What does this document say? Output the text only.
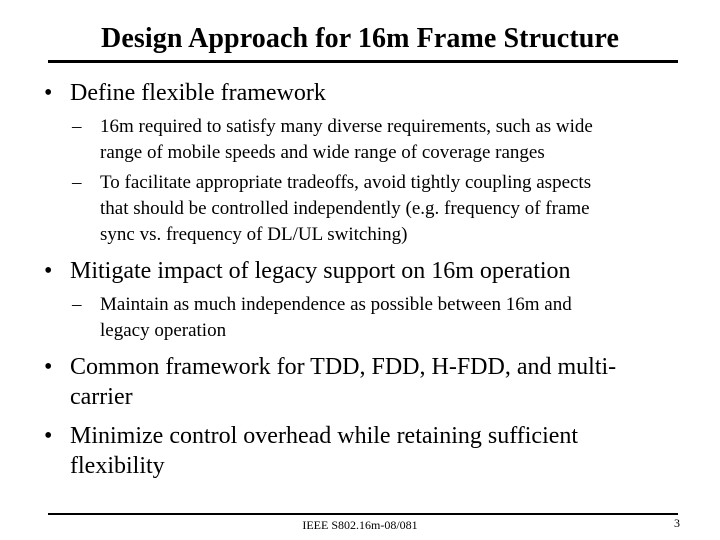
Design Approach for 16m Frame Structure
• Define flexible framework
– 16m required to satisfy many diverse requirements, such as wide
range of mobile speeds and wide range of coverage ranges
– To facilitate appropriate tradeoffs, avoid tightly coupling aspects
that should be controlled independently (e.g. frequency of frame
sync vs. frequency of DL/UL switching)
• Mitigate impact of legacy support on 16m operation
– Maintain as much independence as possible between 16m and
legacy operation
• Common framework for TDD, FDD, H-FDD, and multi-
carrier
• Minimize control overhead while retaining sufficient
flexibility
IEEE S802.16m-08/081	3
